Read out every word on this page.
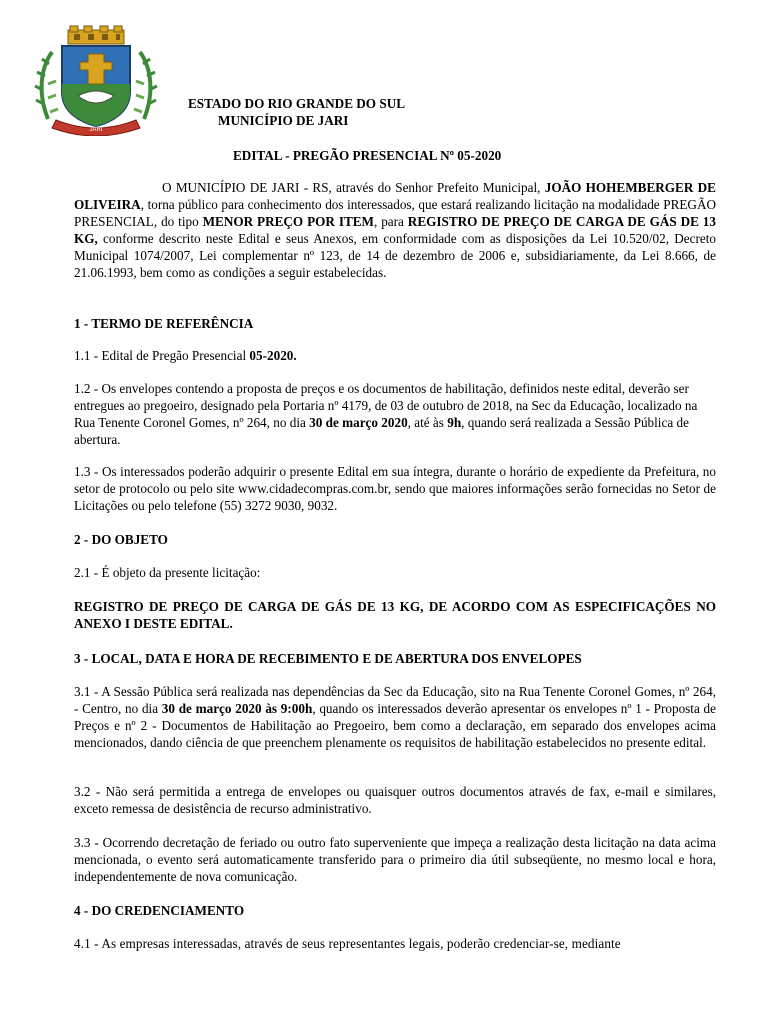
JARI
ESTADO DO RIO GRANDE DO SUL
MUNICÍPIO DE JARI
EDITAL - PREGÃO PRESENCIAL Nº 05-2020

O MUNICÍPIO DE JARI - RS, através do Senhor Prefeito Municipal, JOÃO HOHEMBERGER DE OLIVEIRA, torna público para conhecimento dos interessados, que estará realizando licitação na modalidade PREGÃO PRESENCIAL, do tipo MENOR PREÇO POR ITEM, para REGISTRO DE PREÇO DE CARGA DE GÁS DE 13 KG, conforme descrito neste Edital e seus Anexos, em conformidade com as disposições da Lei 10.520/02, Decreto Municipal 1074/2007, Lei complementar nº 123, de 14 de dezembro de 2006 e, subsidiariamente, da Lei 8.666, de 21.06.1993, bem como as condições a seguir estabelecidas.

1 - TERMO DE REFERÊNCIA

1.1 - Edital de Pregão Presencial 05-2020.

1.2 - Os envelopes contendo a proposta de preços e os documentos de habilitação, definidos neste edital, deverão ser entregues ao pregoeiro, designado pela Portaria nº 4179, de 03 de outubro de 2018, na Sec da Educação, localizado na Rua Tenente Coronel Gomes, nº 264, no dia 30 de março 2020, até às 9h, quando será realizada a Sessão Pública de abertura.

1.3 - Os interessados poderão adquirir o presente Edital em sua íntegra, durante o horário de expediente da Prefeitura, no setor de protocolo ou pelo site www.cidadecompras.com.br, sendo que maiores informações serão fornecidas no Setor de Licitações ou pelo telefone (55) 3272 9030, 9032.

2 - DO OBJETO
2.1 - É objeto da presente licitação:

REGISTRO DE PREÇO DE CARGA DE GÁS DE 13 KG, DE ACORDO COM AS ESPECIFICAÇÕES NO ANEXO I DESTE EDITAL.

3 - LOCAL, DATA E HORA DE RECEBIMENTO E DE ABERTURA DOS ENVELOPES

3.1 - A Sessão Pública será realizada nas dependências da Sec da Educação, sito na Rua Tenente Coronel Gomes, nº 264, - Centro, no dia 30 de março 2020 às 9:00h, quando os interessados deverão apresentar os envelopes nº 1 - Proposta de Preços e nº 2 - Documentos de Habilitação ao Pregoeiro, bem como a declaração, em separado dos envelopes acima mencionados, dando ciência de que preenchem plenamente os requisitos de habilitação estabelecidos no presente edital.

3.2 - Não será permitida a entrega de envelopes ou quaisquer outros documentos através de fax, e-mail e similares, exceto remessa de desistência de recurso administrativo.

3.3 - Ocorrendo decretação de feriado ou outro fato superveniente que impeça a realização desta licitação na data acima mencionada, o evento será automaticamente transferido para o primeiro dia útil subseqüente, no mesmo local e hora, independentemente de nova comunicação.

4 - DO CREDENCIAMENTO

4.1 - As empresas interessadas, através de seus representantes legais, poderão credenciar-se, mediante
